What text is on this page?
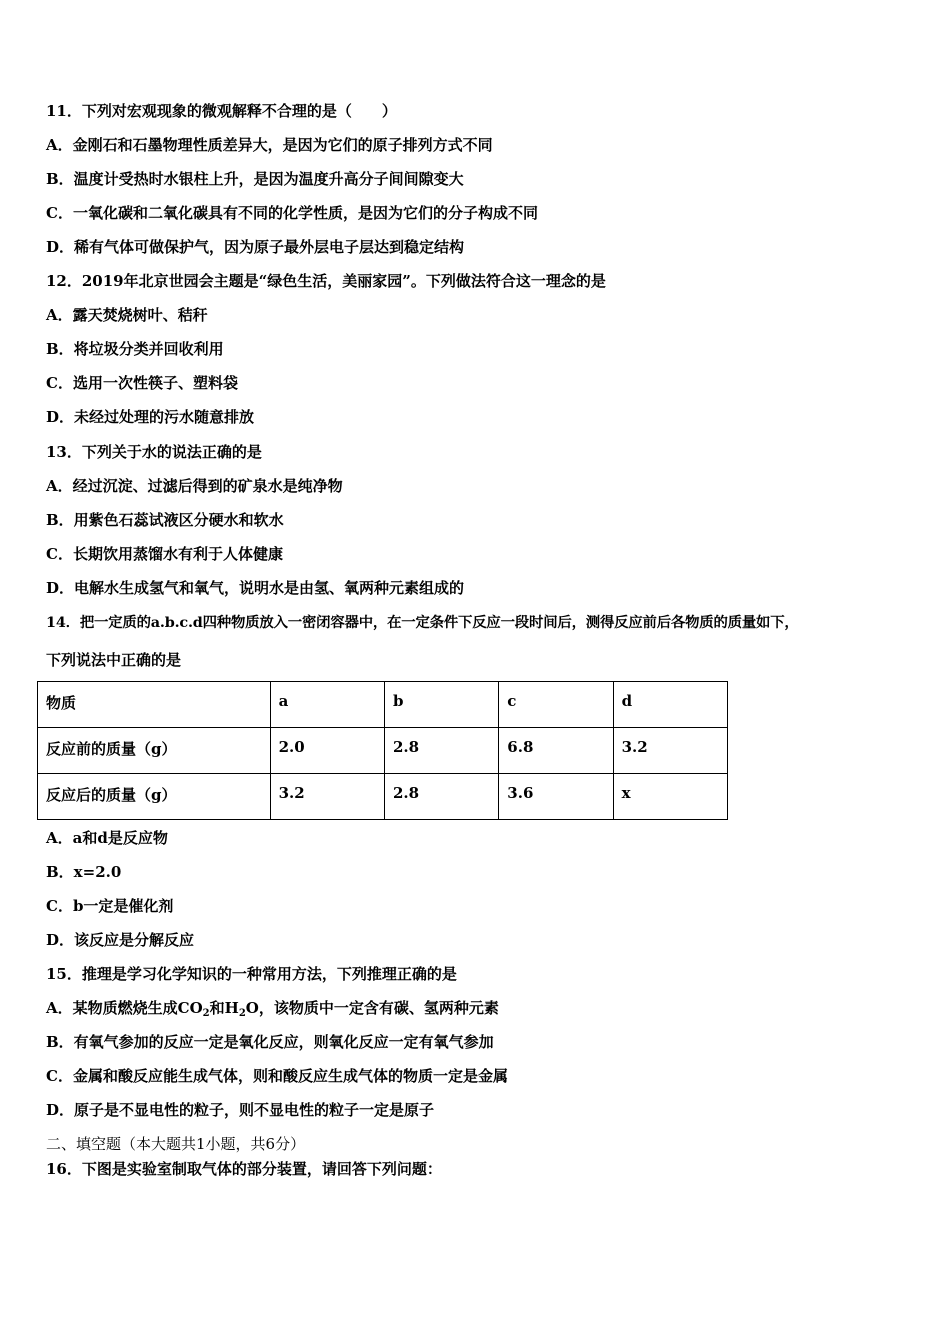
11．下列对宏观现象的微观解释不合理的是（　　）
A．金刚石和石墨物理性质差异大，是因为它们的原子排列方式不同
B．温度计受热时水银柱上升，是因为温度升高分子间间隙变大
C．一氧化碳和二氧化碳具有不同的化学性质，是因为它们的分子构成不同
D．稀有气体可做保护气，因为原子最外层电子层达到稳定结构
12．2019年北京世园会主题是“绿色生活，美丽家园”。下列做法符合这一理念的是
A．露天焚烧树叶、秸秆
B．将垃圾分类并回收利用
C．选用一次性筷子、塑料袋
D．未经过处理的污水随意排放
13．下列关于水的说法正确的是
A．经过沉淀、过滤后得到的矿泉水是纯净物
B．用紫色石蕊试液区分硬水和软水
C．长期饮用蒸馏水有利于人体健康
D．电解水生成氢气和氧气，说明水是由氢、氧两种元素组成的
14．把一定质的a.b.c.d四种物质放入一密闭容器中，在一定条件下反应一段时间后，测得反应前后各物质的质量如下，
下列说法中正确的是
物质	a	b	c	d
反应前的质量（g）	2.0	2.8	6.8	3.2
反应后的质量（g）	3.2	2.8	3.6	x
A．a和d是反应物
B．x=2.0
C．b一定是催化剂
D．该反应是分解反应
15．推理是学习化学知识的一种常用方法，下列推理正确的是
A．某物质燃烧生成$CO_2$和$H_2O$，该物质中一定含有碳、氢两种元素
B．有氧气参加的反应一定是氧化反应，则氧化反应一定有氧气参加
C．金属和酸反应能生成气体，则和酸反应生成气体的物质一定是金属
D．原子是不显电性的粒子，则不显电性的粒子一定是原子
二、填空题（本大题共1小题，共6分）
16．下图是实验室制取气体的部分装置，请回答下列问题：
